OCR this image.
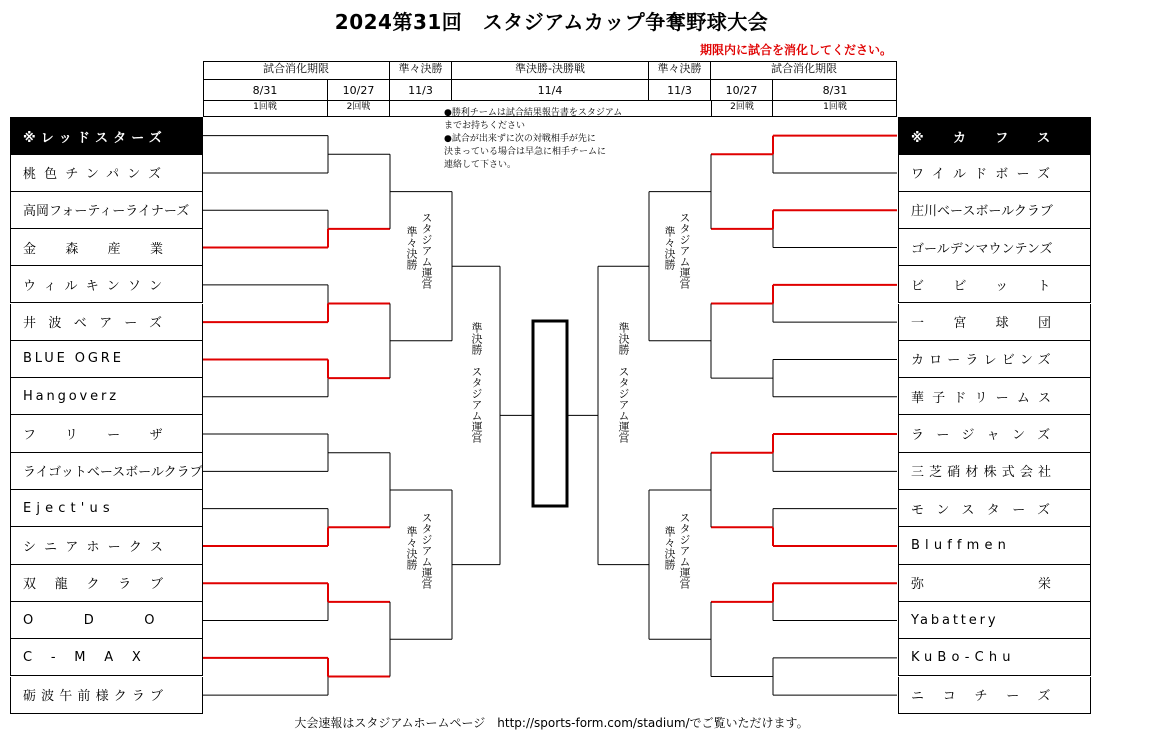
2024第31回　スタジアムカップ争奪野球大会
期限内に試合を消化してください。
試合消化期限	準々決勝	準決勝-決勝戦	準々決勝	試合消化期限
8/31	10/27	11/3	11/4	11/3	10/27	8/31
1回戦	2回戦	2回戦	1回戦
●勝利チームは試合結果報告書をスタジアム
までお持ちください
●試合が出来ずに次の対戦相手が先に
決まっている場合は早急に相手チームに
連絡して下さい。
※レッドスターズ
桃色チンパンズ
高岡フォーティーライナーズ
金森産業
ウィルキンソン
井波ベアーズ
BLUE OGRE
Hangoverz
フリーザ
ライゴットベースボールクラブ
Eject'us
シニアホークス
双龍クラブ
ODO
C-MAX
砺波午前様クラブ
※カフス
ワイルドボーズ
庄川ベースボールクラブ
ゴールデンマウンテンズ
ビビット
一宮球団
カローラレビンズ
華子ドリームス
ラージャンズ
三芝硝材株式会社
モンスターズ
Bluffmen
弥栄
Yabattery
KuBo-Chu
ニコチーズ
スタジアム運営
準々決勝
スタジアム運営
準々決勝
スタジアム運営
準々決勝
スタジアム運営
準々決勝
準決勝　スタジアム運営	準決勝　スタジアム運営
大会速報はスタジアムホームページ　http://sports-form.com/stadium/でご覧いただけます。
